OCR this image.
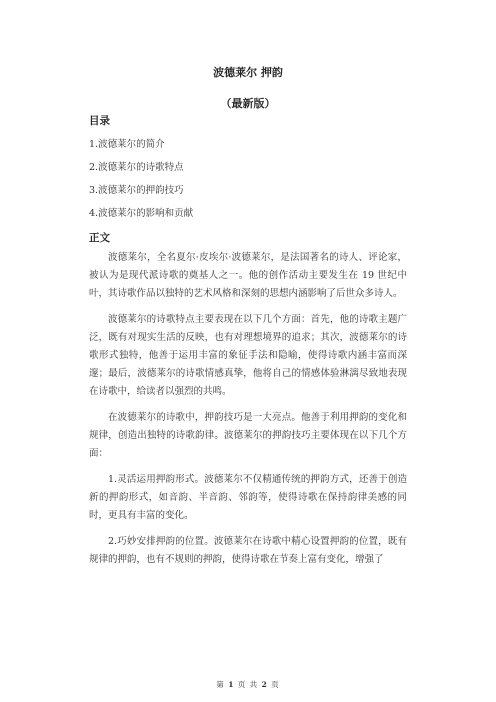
波德莱尔 押韵
（最新版）

目录

1.波德莱尔的简介
2.波德莱尔的诗歌特点
3.波德莱尔的押韵技巧
4.波德莱尔的影响和贡献

正文

波德莱尔，全名夏尔·皮埃尔·波德莱尔，是法国著名的诗人、评论家，被认为是现代派诗歌的奠基人之一。他的创作活动主要发生在 19 世纪中叶，其诗歌作品以独特的艺术风格和深刻的思想内涵影响了后世众多诗人。

波德莱尔的诗歌特点主要表现在以下几个方面：首先，他的诗歌主题广泛，既有对现实生活的反映，也有对理想境界的追求；其次，波德莱尔的诗歌形式独特，他善于运用丰富的象征手法和隐喻，使得诗歌内涵丰富而深邃；最后，波德莱尔的诗歌情感真挚，他将自己的情感体验淋漓尽致地表现在诗歌中，给读者以强烈的共鸣。

在波德莱尔的诗歌中，押韵技巧是一大亮点。他善于利用押韵的变化和规律，创造出独特的诗歌韵律。波德莱尔的押韵技巧主要体现在以下几个方面：

1.灵活运用押韵形式。波德莱尔不仅精通传统的押韵方式，还善于创造新的押韵形式，如音韵、半音韵、邻韵等，使得诗歌在保持韵律美感的同时，更具有丰富的变化。

2.巧妙安排押韵的位置。波德莱尔在诗歌中精心设置押韵的位置，既有规律的押韵，也有不规则的押韵，使得诗歌在节奏上富有变化，增强了

第 1 页 共 2 页
